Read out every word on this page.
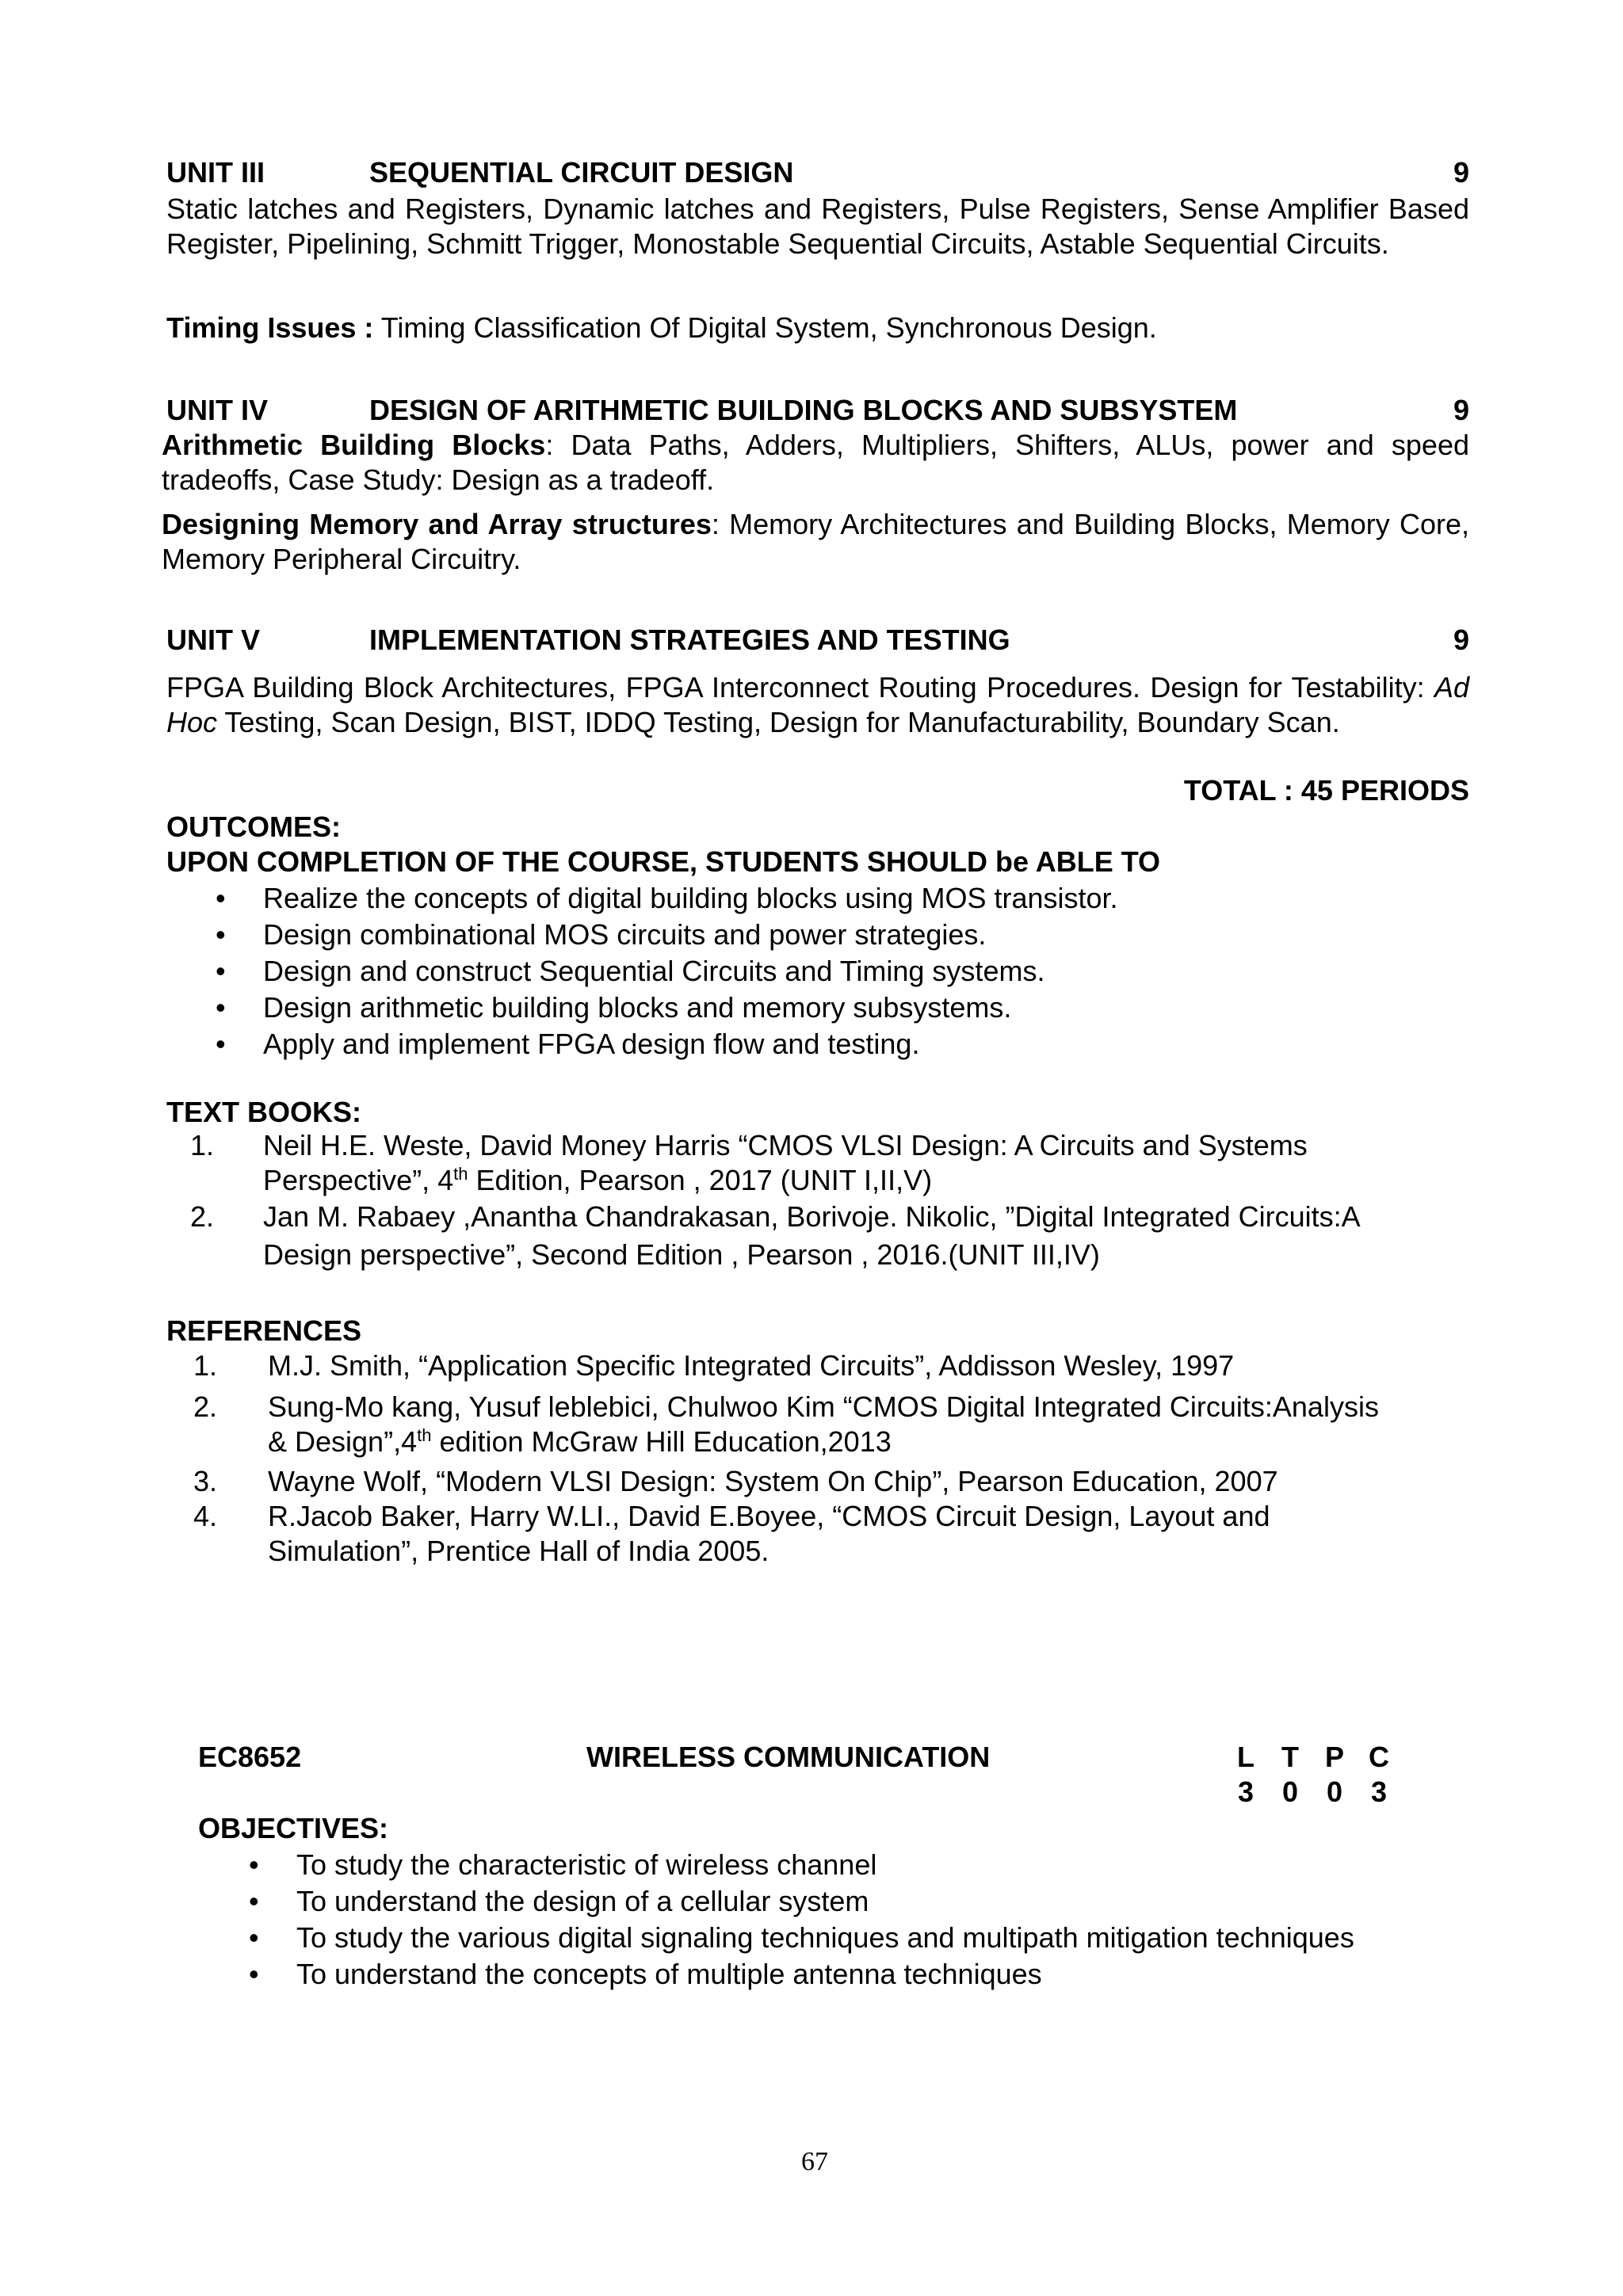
UNIT III	SEQUENTIAL CIRCUIT DESIGN	9
Static latches and Registers, Dynamic latches and Registers, Pulse Registers, Sense Amplifier Based Register, Pipelining, Schmitt Trigger, Monostable Sequential Circuits, Astable Sequential Circuits.
Timing Issues : Timing Classification Of Digital System, Synchronous Design.
UNIT IV	DESIGN OF ARITHMETIC BUILDING BLOCKS AND SUBSYSTEM	9
Arithmetic Building Blocks: Data Paths, Adders, Multipliers, Shifters, ALUs, power and speed tradeoffs, Case Study: Design as a tradeoff.
Designing Memory and Array structures: Memory Architectures and Building Blocks, Memory Core, Memory Peripheral Circuitry.
UNIT V	IMPLEMENTATION STRATEGIES AND TESTING	9
FPGA Building Block Architectures, FPGA Interconnect Routing Procedures. Design for Testability: Ad Hoc Testing, Scan Design, BIST, IDDQ Testing, Design for Manufacturability, Boundary Scan.
TOTAL : 45 PERIODS
OUTCOMES:
UPON COMPLETION OF THE COURSE, STUDENTS SHOULD be ABLE TO
• Realize the concepts of digital building blocks using MOS transistor.
• Design combinational MOS circuits and power strategies.
• Design and construct Sequential Circuits and Timing systems.
• Design arithmetic building blocks and memory subsystems.
• Apply and implement FPGA design flow and testing.
TEXT BOOKS:
1. Neil H.E. Weste, David Money Harris “CMOS VLSI Design: A Circuits and Systems
Perspective”, 4th Edition, Pearson , 2017 (UNIT I,II,V)
2. Jan M. Rabaey ,Anantha Chandrakasan, Borivoje. Nikolic, ”Digital Integrated Circuits:A
Design perspective”, Second Edition , Pearson , 2016.(UNIT III,IV)
REFERENCES
1. M.J. Smith, “Application Specific Integrated Circuits”, Addisson Wesley, 1997
2. Sung-Mo kang, Yusuf leblebici, Chulwoo Kim “CMOS Digital Integrated Circuits:Analysis
& Design”,4th edition McGraw Hill Education,2013
3. Wayne Wolf, “Modern VLSI Design: System On Chip”, Pearson Education, 2007
4. R.Jacob Baker, Harry W.LI., David E.Boyee, “CMOS Circuit Design, Layout and
Simulation”, Prentice Hall of India 2005.
EC8652	WIRELESS COMMUNICATION	L T P C
3 0 0 3
OBJECTIVES:
• To study the characteristic of wireless channel
• To understand the design of a cellular system
• To study the various digital signaling techniques and multipath mitigation techniques
• To understand the concepts of multiple antenna techniques
67
